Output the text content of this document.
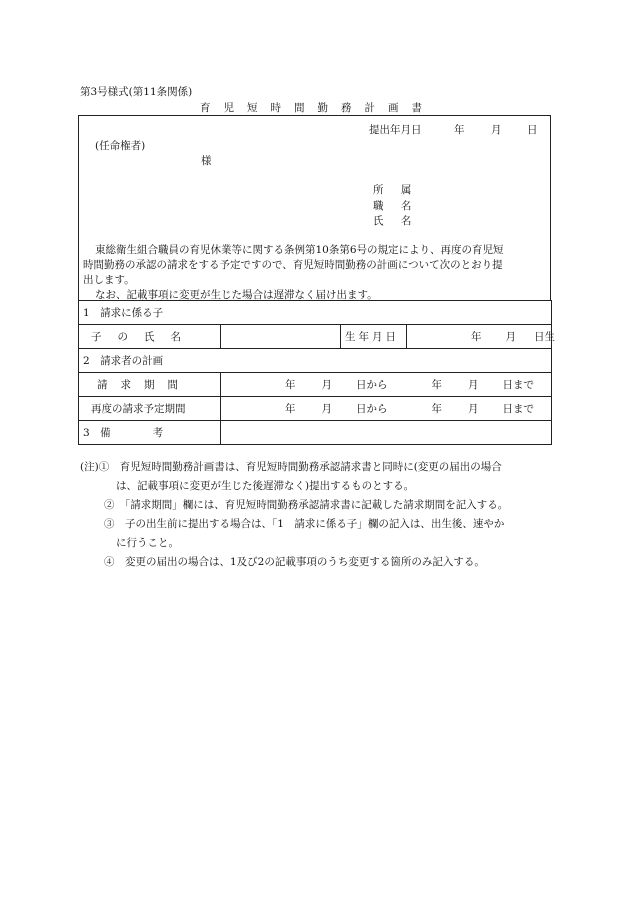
第3号様式(第11条関係)
育児短時間勤務計画書
提出年月日	年	月 日
(任命権者)
様
所 属
職 名
氏 名
東総衛生組合職員の育児休業等に関する条例第10条第6号の規定により、再度の育児短
時間勤務の承認の請求をする予定ですので、育児短時間勤務の計画について次のとおり提
出します。
なお、記載事項に変更が生じた場合は遅滞なく届け出ます。
1　請求に係る子			
子の氏名		生年月日	年 月 日生
2　請求者の計画			
請求期間	年 月 日から 年 月 日まで		
再度の請求予定期間	年 月 日から 年 月 日まで		
3　備　　　　考			
(注)①　育児短時間勤務計画書は、育児短時間勤務承認請求書と同時に(変更の届出の場合
は、記載事項に変更が生じた後遅滞なく)提出するものとする。
②　「請求期間」欄には、育児短時間勤務承認請求書に記載した請求期間を記入する。
③　子の出生前に提出する場合は、「1　請求に係る子」欄の記入は、出生後、速やか
に行うこと。
④　変更の届出の場合は、1及び2の記載事項のうち変更する箇所のみ記入する。
